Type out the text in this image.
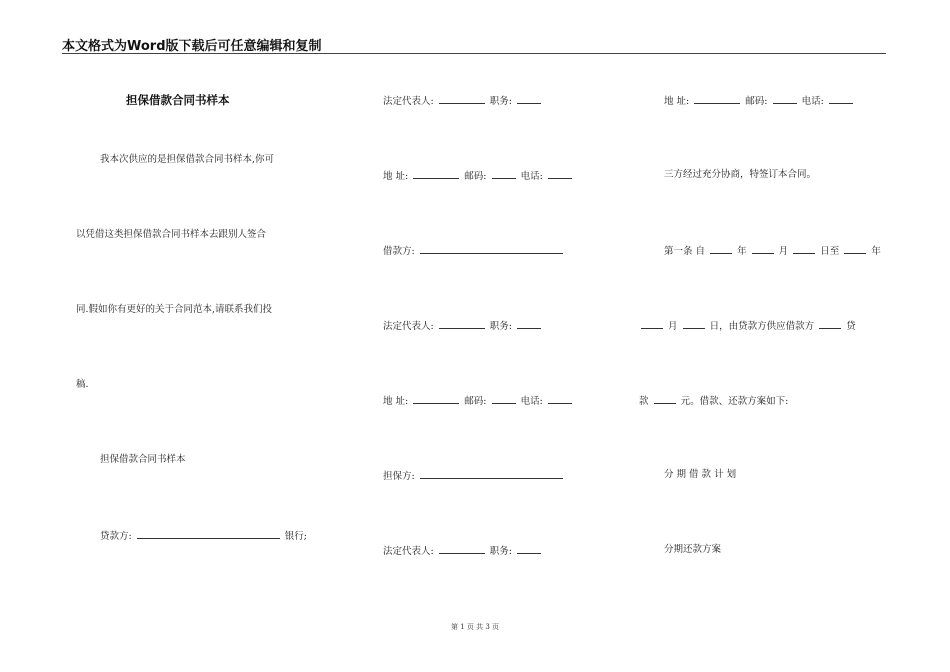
本文格式为Word版下载后可任意编辑和复制
担保借款合同书样本
我本次供应的是担保借款合同书样本,你可
以凭借这类担保借款合同书样本去跟别人签合
同.假如你有更好的关于合同范本,请联系我们投
稿.
担保借款合同书样本
贷款方:	银行;
法定代表人:	职务:
地 址:	邮码:	电话:
借款方:
法定代表人:	职务:
地 址:	邮码:	电话:
担保方:
法定代表人:	职务:
地 址:	邮码:	电话:
三方经过充分协商，特签订本合同。
第一条 自	年	月	日至	年
月	日，由贷款方供应借款方	贷
款	元。借款、还款方案如下:
分 期 借 款 计 划
分期还款方案
第 1 页 共 3 页
